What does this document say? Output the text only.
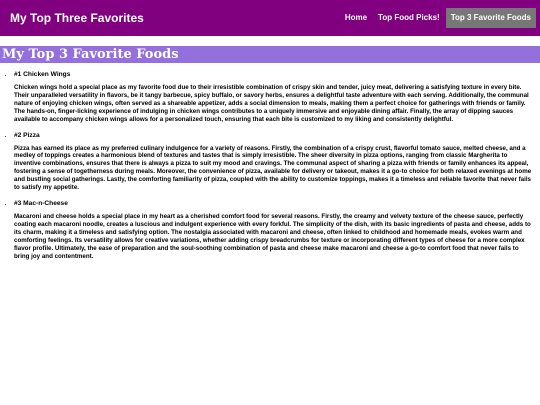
My Top Three Favorites	Home	Top Food Picks!	Top 3 Favorite Foods
My Top 3 Favorite Foods
• #1 Chicken Wings

Chicken wings hold a special place as my favorite food due to their irresistible combination of crispy skin and tender, juicy meat, delivering a satisfying texture in every bite. Their unparalleled versatility in flavors, be it tangy barbecue, spicy buffalo, or savory herbs, ensures a delightful taste adventure with each serving. Additionally, the communal nature of enjoying chicken wings, often served as a shareable appetizer, adds a social dimension to meals, making them a perfect choice for gatherings with friends or family. The hands-on, finger-licking experience of indulging in chicken wings contributes to a uniquely immersive and enjoyable dining affair. Finally, the array of dipping sauces available to accompany chicken wings allows for a personalized touch, ensuring that each bite is customized to my liking and consistently delightful.

• #2 Pizza

Pizza has earned its place as my preferred culinary indulgence for a variety of reasons. Firstly, the combination of a crispy crust, flavorful tomato sauce, melted cheese, and a medley of toppings creates a harmonious blend of textures and tastes that is simply irresistible. The sheer diversity in pizza options, ranging from classic Margherita to inventive combinations, ensures that there is always a pizza to suit my mood and cravings. The communal aspect of sharing a pizza with friends or family enhances its appeal, fostering a sense of togetherness during meals. Moreover, the convenience of pizza, available for delivery or takeout, makes it a go-to choice for both relaxed evenings at home and bustling social gatherings. Lastly, the comforting familiarity of pizza, coupled with the ability to customize toppings, makes it a timeless and reliable favorite that never fails to satisfy my appetite.

• #3 Mac-n-Cheese

Macaroni and cheese holds a special place in my heart as a cherished comfort food for several reasons. Firstly, the creamy and velvety texture of the cheese sauce, perfectly coating each macaroni noodle, creates a luscious and indulgent experience with every forkful. The simplicity of the dish, with its basic ingredients of pasta and cheese, adds to its charm, making it a timeless and satisfying option. The nostalgia associated with macaroni and cheese, often linked to childhood and homemade meals, evokes warm and comforting feelings. Its versatility allows for creative variations, whether adding crispy breadcrumbs for texture or incorporating different types of cheese for a more complex flavor profile. Ultimately, the ease of preparation and the soul-soothing combination of pasta and cheese make macaroni and cheese a go-to comfort food that never fails to bring joy and contentment.
